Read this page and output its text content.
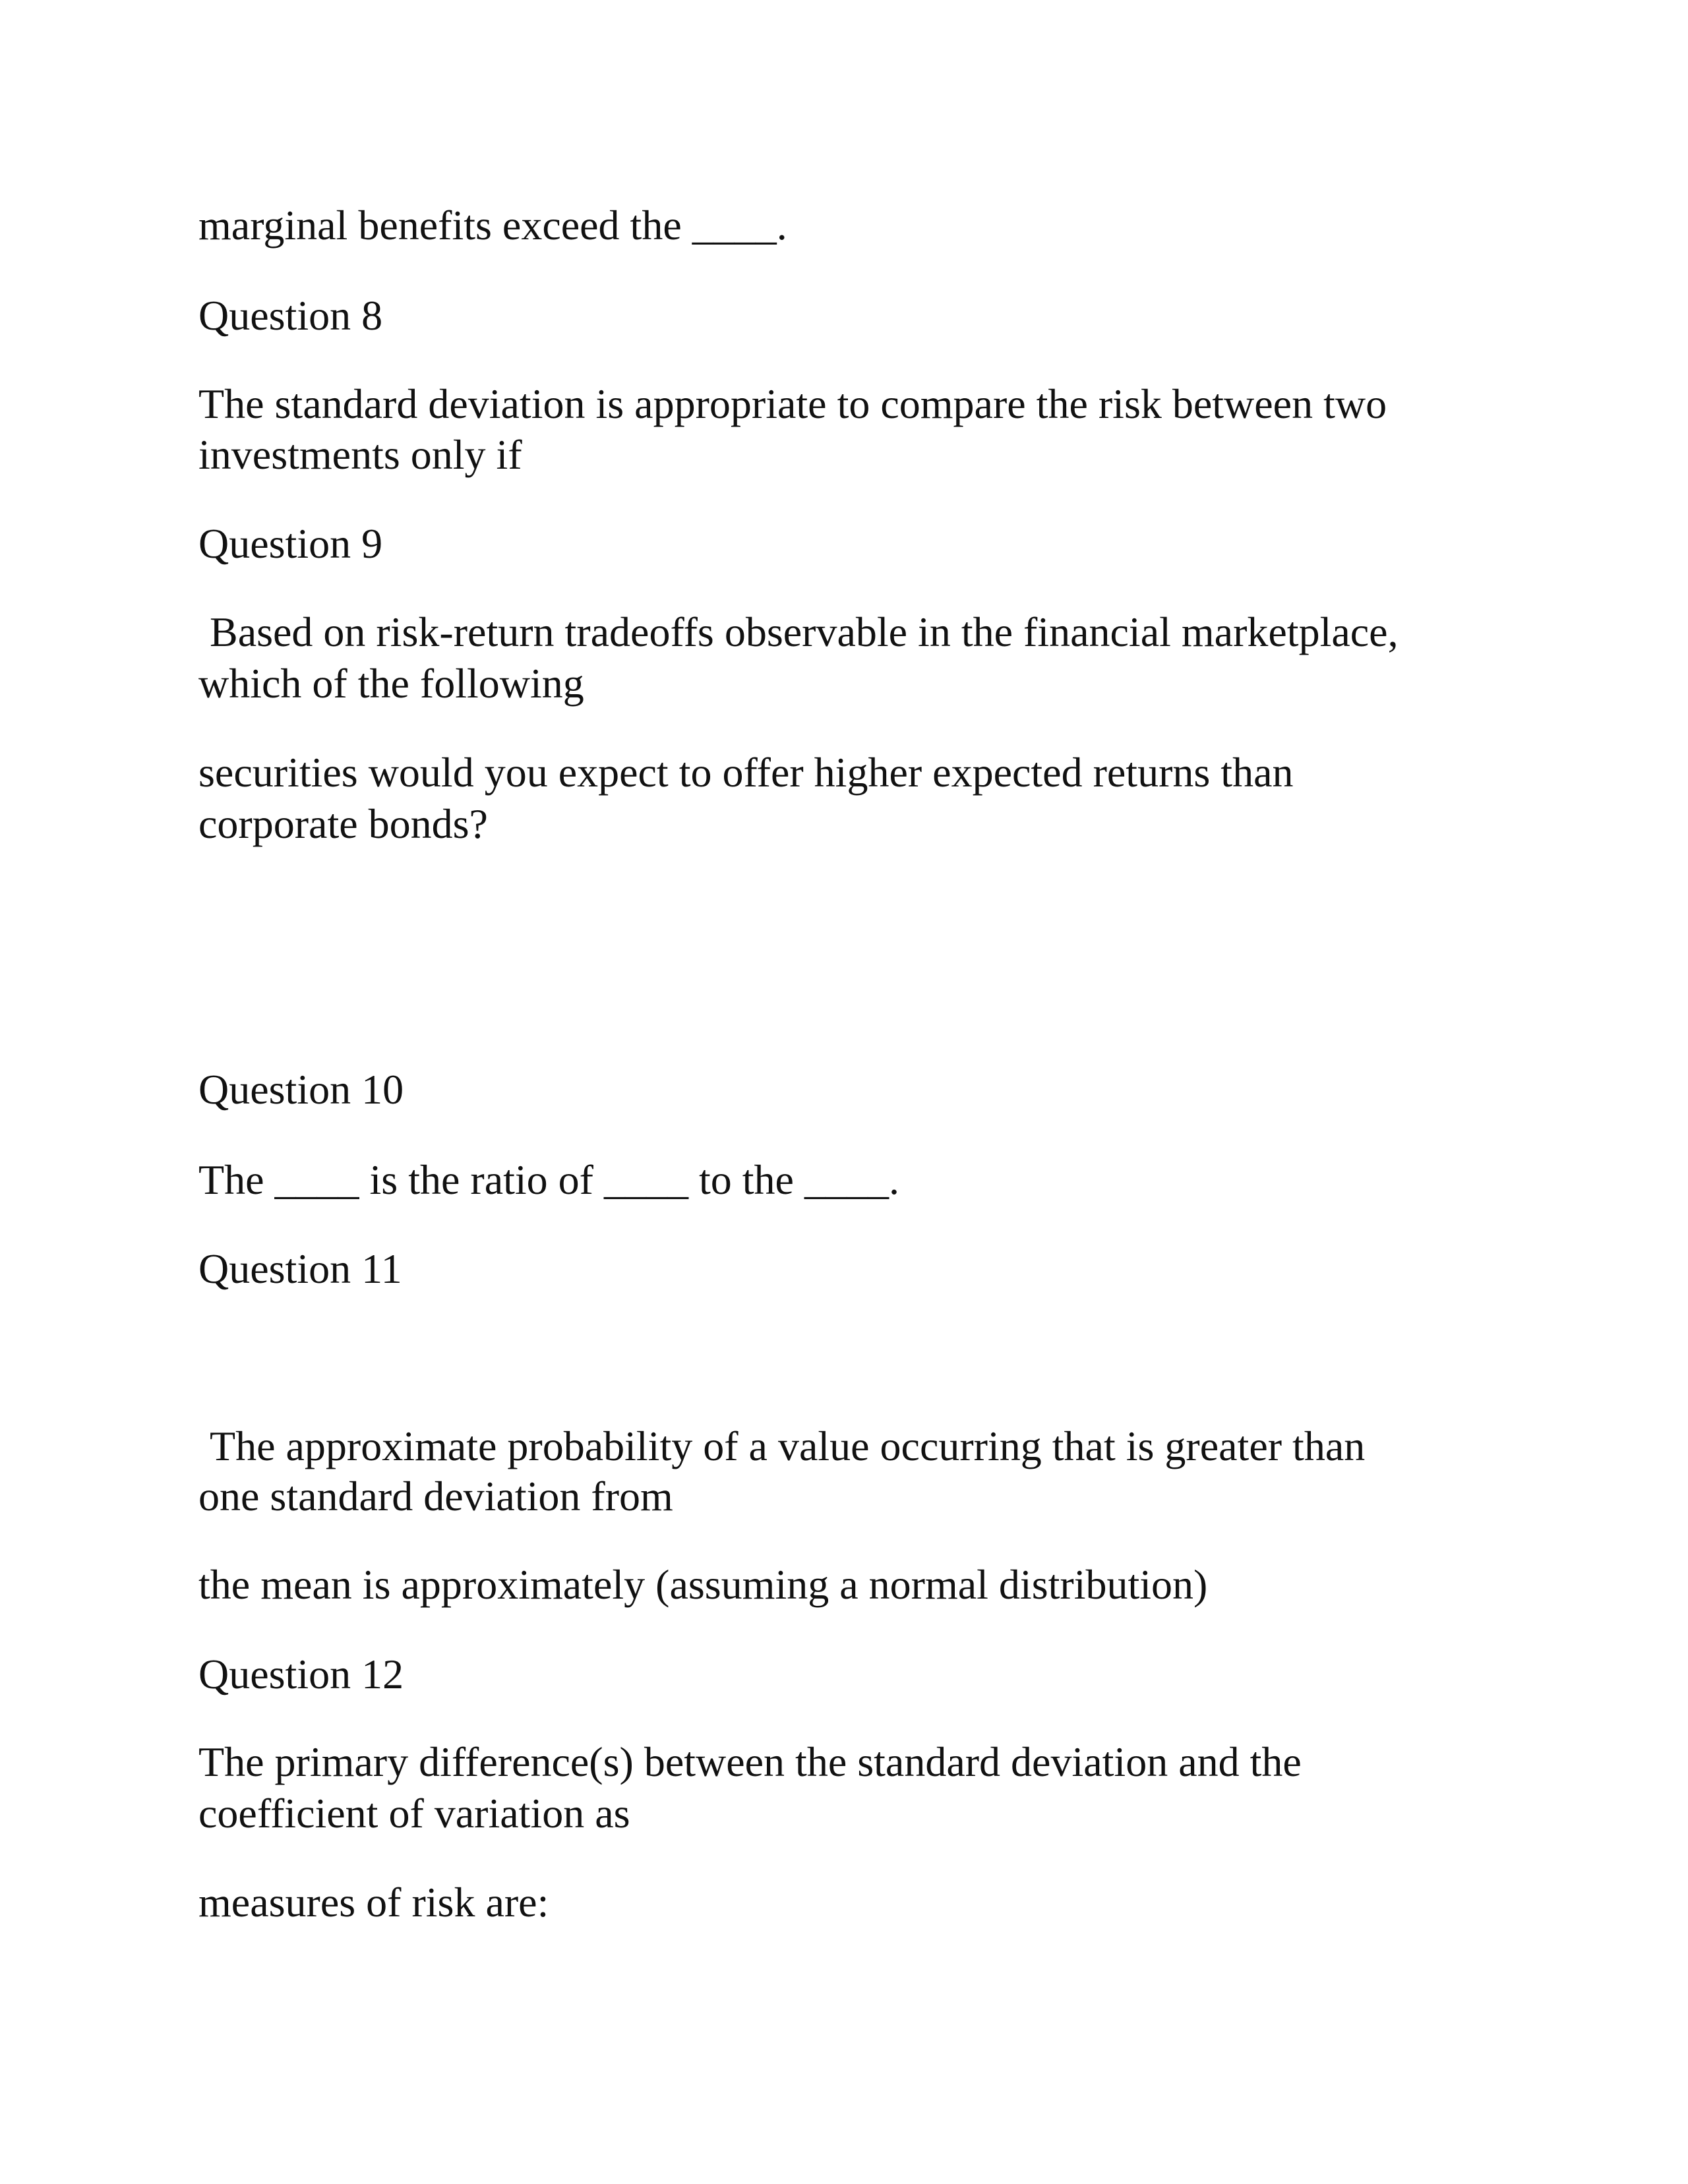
marginal benefits exceed the ____.

Question 8

The standard deviation is appropriate to compare the risk between two

investments only if

Question 9

Based on risk-return tradeoffs observable in the financial marketplace,

which of the following

securities would you expect to offer higher expected returns than

corporate bonds?

Question 10

The ____ is the ratio of ____ to the ____.

Question 11

The approximate probability of a value occurring that is greater than

one standard deviation from

the mean is approximately (assuming a normal distribution)

Question 12

The primary difference(s) between the standard deviation and the

coefficient of variation as

measures of risk are:
